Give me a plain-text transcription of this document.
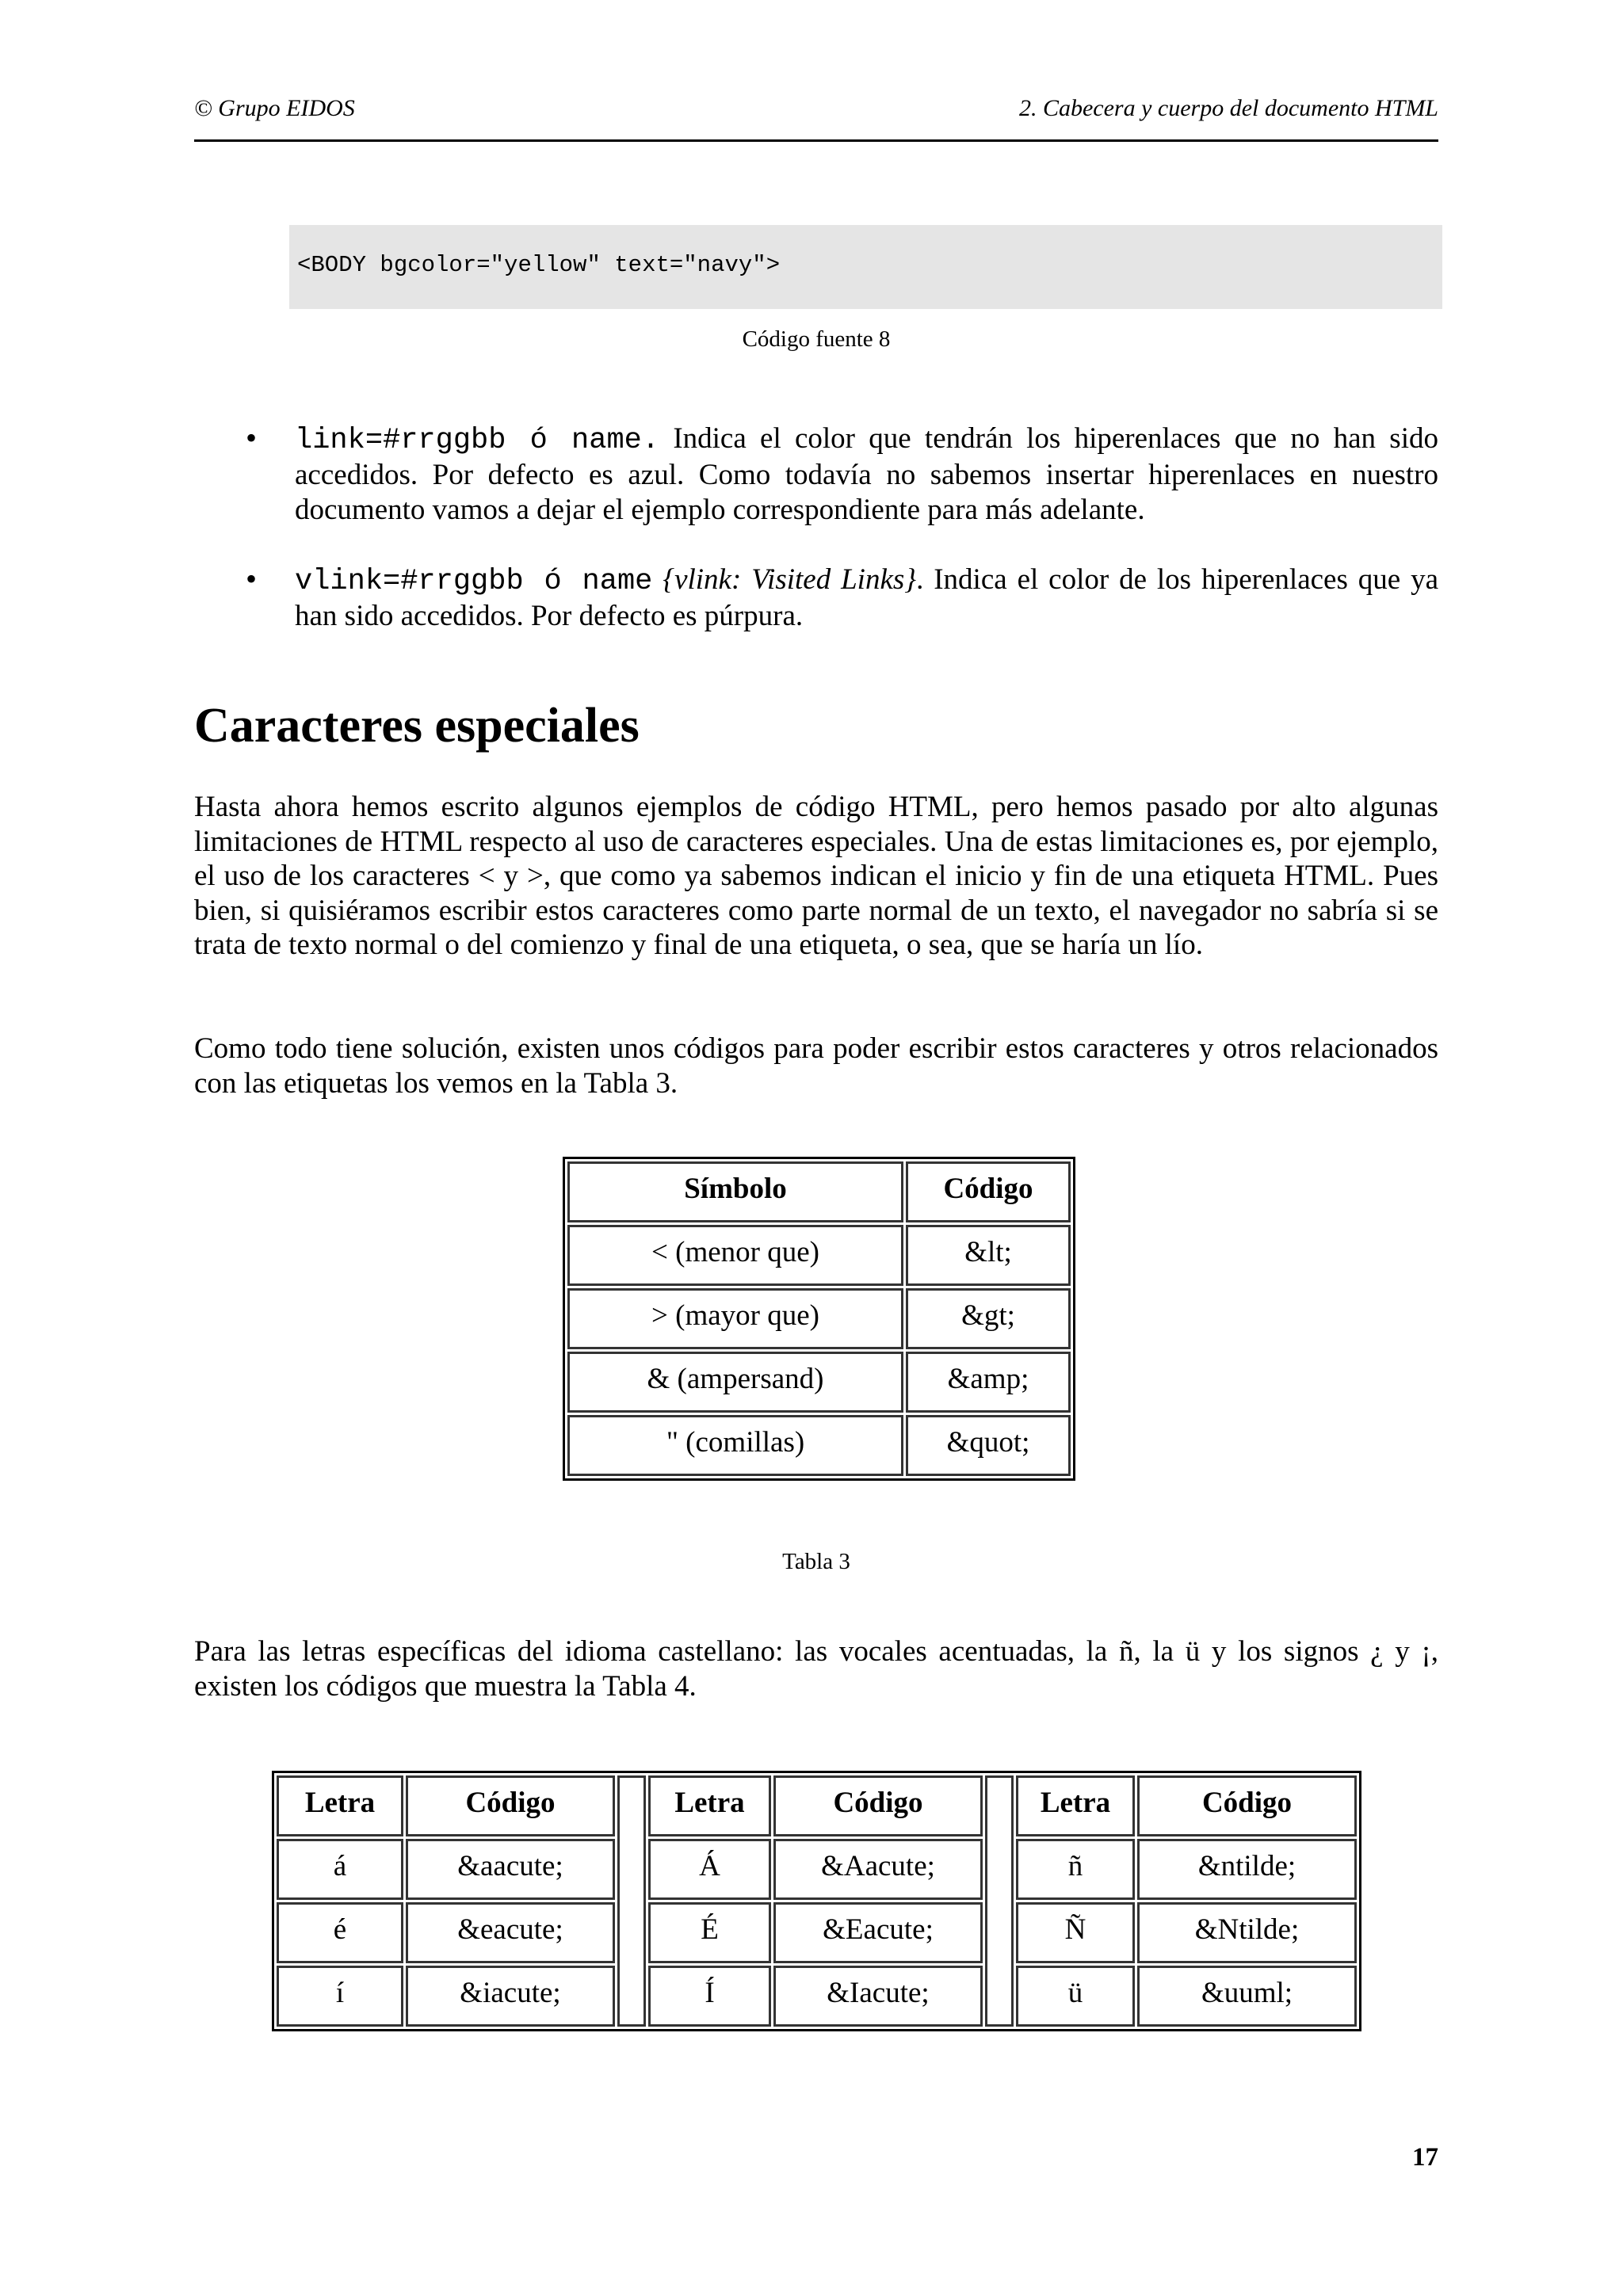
© Grupo EIDOS	2. Cabecera y cuerpo del documento HTML
<BODY bgcolor="yellow" text="navy">
Código fuente 8
• link=#rrggbb ó name. Indica el color que tendrán los hiperenlaces que no han sido accedidos. Por defecto es azul. Como todavía no sabemos insertar hiperenlaces en nuestro documento vamos a dejar el ejemplo correspondiente para más adelante.
• vlink=#rrggbb ó name {vlink: Visited Links}. Indica el color de los hiperenlaces que ya han sido accedidos. Por defecto es púrpura.
Caracteres especiales
Hasta ahora hemos escrito algunos ejemplos de código HTML, pero hemos pasado por alto algunas limitaciones de HTML respecto al uso de caracteres especiales. Una de estas limitaciones es, por ejemplo, el uso de los caracteres < y >, que como ya sabemos indican el inicio y fin de una etiqueta HTML. Pues bien, si quisiéramos escribir estos caracteres como parte normal de un texto, el navegador no sabría si se trata de texto normal o del comienzo y final de una etiqueta, o sea, que se haría un lío.
Como todo tiene solución, existen unos códigos para poder escribir estos caracteres y otros relacionados con las etiquetas los vemos en la Tabla 3.
Símbolo	Código
< (menor que)	&lt;
> (mayor que)	&gt;
& (ampersand)	&amp;
" (comillas)	&quot;
Tabla 3
Para las letras específicas del idioma castellano: las vocales acentuadas, la ñ, la ü y los signos ¿ y ¡, existen los códigos que muestra la Tabla 4.
Letra	Código		Letra	Código		Letra	Código
á	&aacute;		Á	&Aacute;		ñ	&ntilde;
é	&eacute;		É	&Eacute;		Ñ	&Ntilde;
í	&iacute;		Í	&Iacute;		ü	&uuml;
17
